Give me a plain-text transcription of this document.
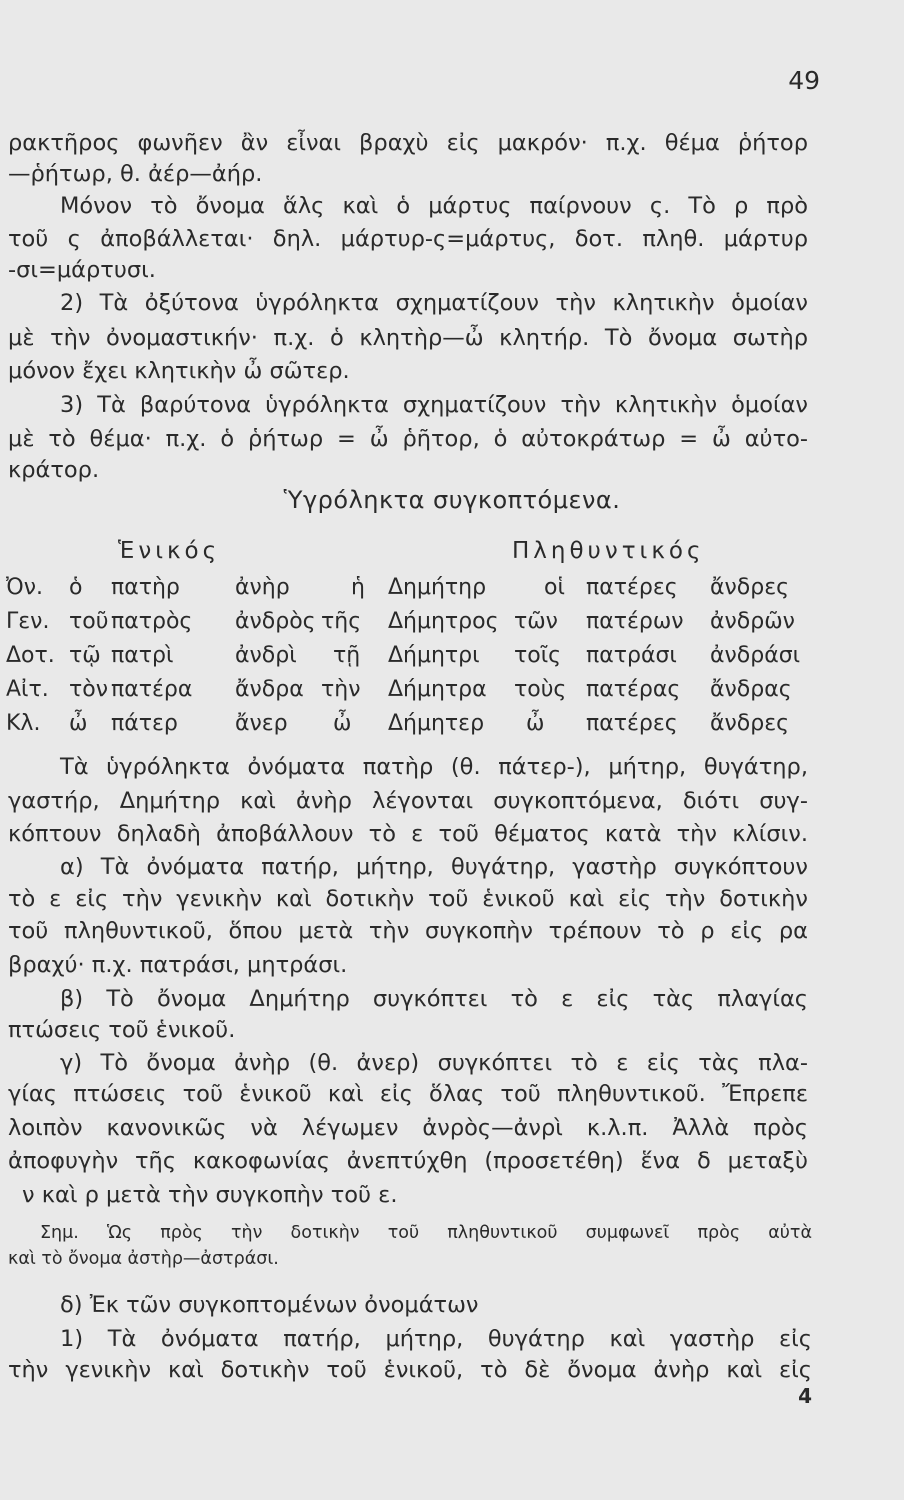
49
ρακτῆρος φωνῆεν ἂν εἶναι βραχὺ εἰς μακρόν· π.χ. θέμα ῥήτορ
—ῥήτωρ, θ. ἀέρ—ἀήρ.
Μόνον τὸ ὄνομα ἅλς καὶ ὁ μάρτυς παίρνουν ς. Τὸ ρ πρὸ
τοῦ ς ἀποβάλλεται· δηλ. μάρτυρ-ς=μάρτυς, δοτ. πληθ. μάρτυρ
-σι=μάρτυσι.
2) Τὰ ὀξύτονα ὑγρόληκτα σχηματίζουν τὴν κλητικὴν ὁμοίαν
μὲ τὴν ὀνομαστικήν· π.χ. ὁ κλητὴρ—ὦ κλητήρ. Τὸ ὄνομα σωτὴρ
μόνον ἔχει κλητικὴν ὦ σῶτερ.
3) Τὰ βαρύτονα ὑγρόληκτα σχηματίζουν τὴν κλητικὴν ὁμοίαν
μὲ τὸ θέμα· π.χ. ὁ ῥήτωρ = ὦ ῥῆτορ, ὁ αὐτοκράτωρ = ὦ αὐτο-
κράτορ.
Ὑγρόληκτα συγκοπτόμενα.
Ἑνικός	Πληθυντικός
Ὀν.	ὁ	πατὴρ	ἀνὴρ	ἡ	Δημήτηρ	οἱ	πατέρες	ἄνδρες
Γεν.	τοῦ	πατρὸς	ἀνδρὸς	τῆς	Δήμητρος	τῶν	πατέρων	ἀνδρῶν
Δοτ.	τῷ	πατρὶ	ἀνδρὶ	τῇ	Δήμητρι	τοῖς	πατράσι	ἀνδράσι
Αἰτ.	τὸν	πατέρα	ἄνδρα	τὴν	Δήμητρα	τοὺς	πατέρας	ἄνδρας
Κλ.	ὦ	πάτερ	ἄνερ	ὦ	Δήμητερ	ὦ	πατέρες	ἄνδρες
Τὰ ὑγρόληκτα ὀνόματα πατὴρ (θ. πάτερ-), μήτηρ, θυγάτηρ,
γαστήρ, Δημήτηρ καὶ ἀνὴρ λέγονται συγκοπτόμενα, διότι συγ-
κόπτουν δηλαδὴ ἀποβάλλουν τὸ ε τοῦ θέματος κατὰ τὴν κλίσιν.
α) Τὰ ὀνόματα πατήρ, μήτηρ, θυγάτηρ, γαστὴρ συγκόπτουν
τὸ ε εἰς τὴν γενικὴν καὶ δοτικὴν τοῦ ἑνικοῦ καὶ εἰς τὴν δοτικὴν
τοῦ πληθυντικοῦ, ὅπου μετὰ τὴν συγκοπὴν τρέπουν τὸ ρ εἰς ρα
βραχύ· π.χ. πατράσι, μητράσι.
β) Τὸ ὄνομα Δημήτηρ συγκόπτει τὸ ε εἰς τὰς πλαγίας
πτώσεις τοῦ ἑνικοῦ.
γ) Τὸ ὄνομα ἀνὴρ (θ. ἀνερ) συγκόπτει τὸ ε εἰς τὰς πλα-
γίας πτώσεις τοῦ ἑνικοῦ καὶ εἰς ὅλας τοῦ πληθυντικοῦ. Ἔπρεπε
λοιπὸν κανονικῶς νὰ λέγωμεν ἀνρὸς—ἀνρὶ κ.λ.π. Ἀλλὰ πρὸς
ἀποφυγὴν τῆς κακοφωνίας ἀνεπτύχθη (προσετέθη) ἕνα δ μεταξὺ
ν καὶ ρ μετὰ τὴν συγκοπὴν τοῦ ε.
Σημ. Ὡς πρὸς τὴν δοτικὴν τοῦ πληθυντικοῦ συμφωνεῖ πρὸς αὐτὰ
καὶ τὸ ὄνομα ἀστὴρ—ἀστράσι.
δ) Ἐκ τῶν συγκοπτομένων ὀνομάτων
1) Τὰ ὀνόματα πατήρ, μήτηρ, θυγάτηρ καὶ γαστὴρ εἰς
τὴν γενικὴν καὶ δοτικὴν τοῦ ἑνικοῦ, τὸ δὲ ὄνομα ἀνὴρ καὶ εἰς
4
